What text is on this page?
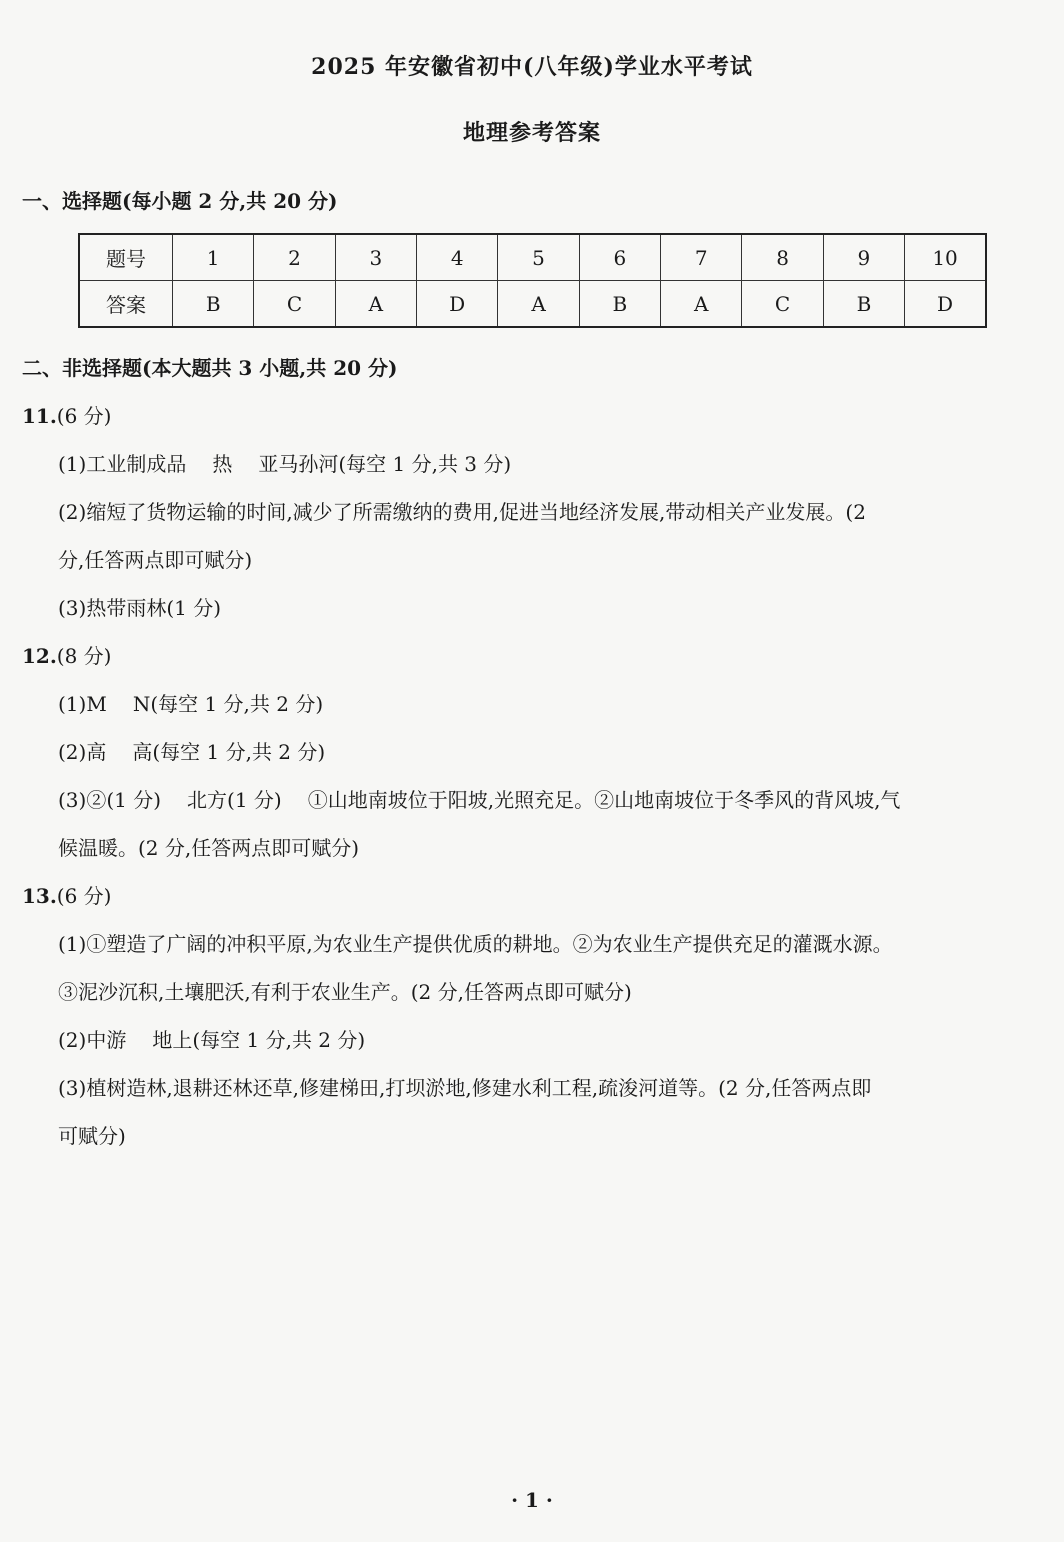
2025 年安徽省初中(八年级)学业水平考试
地理参考答案
一、选择题(每小题 2 分,共 20 分)
题号	1	2	3	4	5	6	7	8	9	10
答案	B	C	A	D	A	B	A	C	B	D
二、非选择题(本大题共 3 小题,共 20 分)
11.(6 分)
(1)工业制成品 热 亚马孙河(每空 1 分,共 3 分)
(2)缩短了货物运输的时间,减少了所需缴纳的费用,促进当地经济发展,带动相关产业发展。(2
分,任答两点即可赋分)
(3)热带雨林(1 分)
12.(8 分)
(1)M N(每空 1 分,共 2 分)
(2)高 高(每空 1 分,共 2 分)
(3)②(1 分) 北方(1 分) ①山地南坡位于阳坡,光照充足。②山地南坡位于冬季风的背风坡,气
候温暖。(2 分,任答两点即可赋分)
13.(6 分)
(1)①塑造了广阔的冲积平原,为农业生产提供优质的耕地。②为农业生产提供充足的灌溉水源。
③泥沙沉积,土壤肥沃,有利于农业生产。(2 分,任答两点即可赋分)
(2)中游 地上(每空 1 分,共 2 分)
(3)植树造林,退耕还林还草,修建梯田,打坝淤地,修建水利工程,疏浚河道等。(2 分,任答两点即
可赋分)
· 1 ·
